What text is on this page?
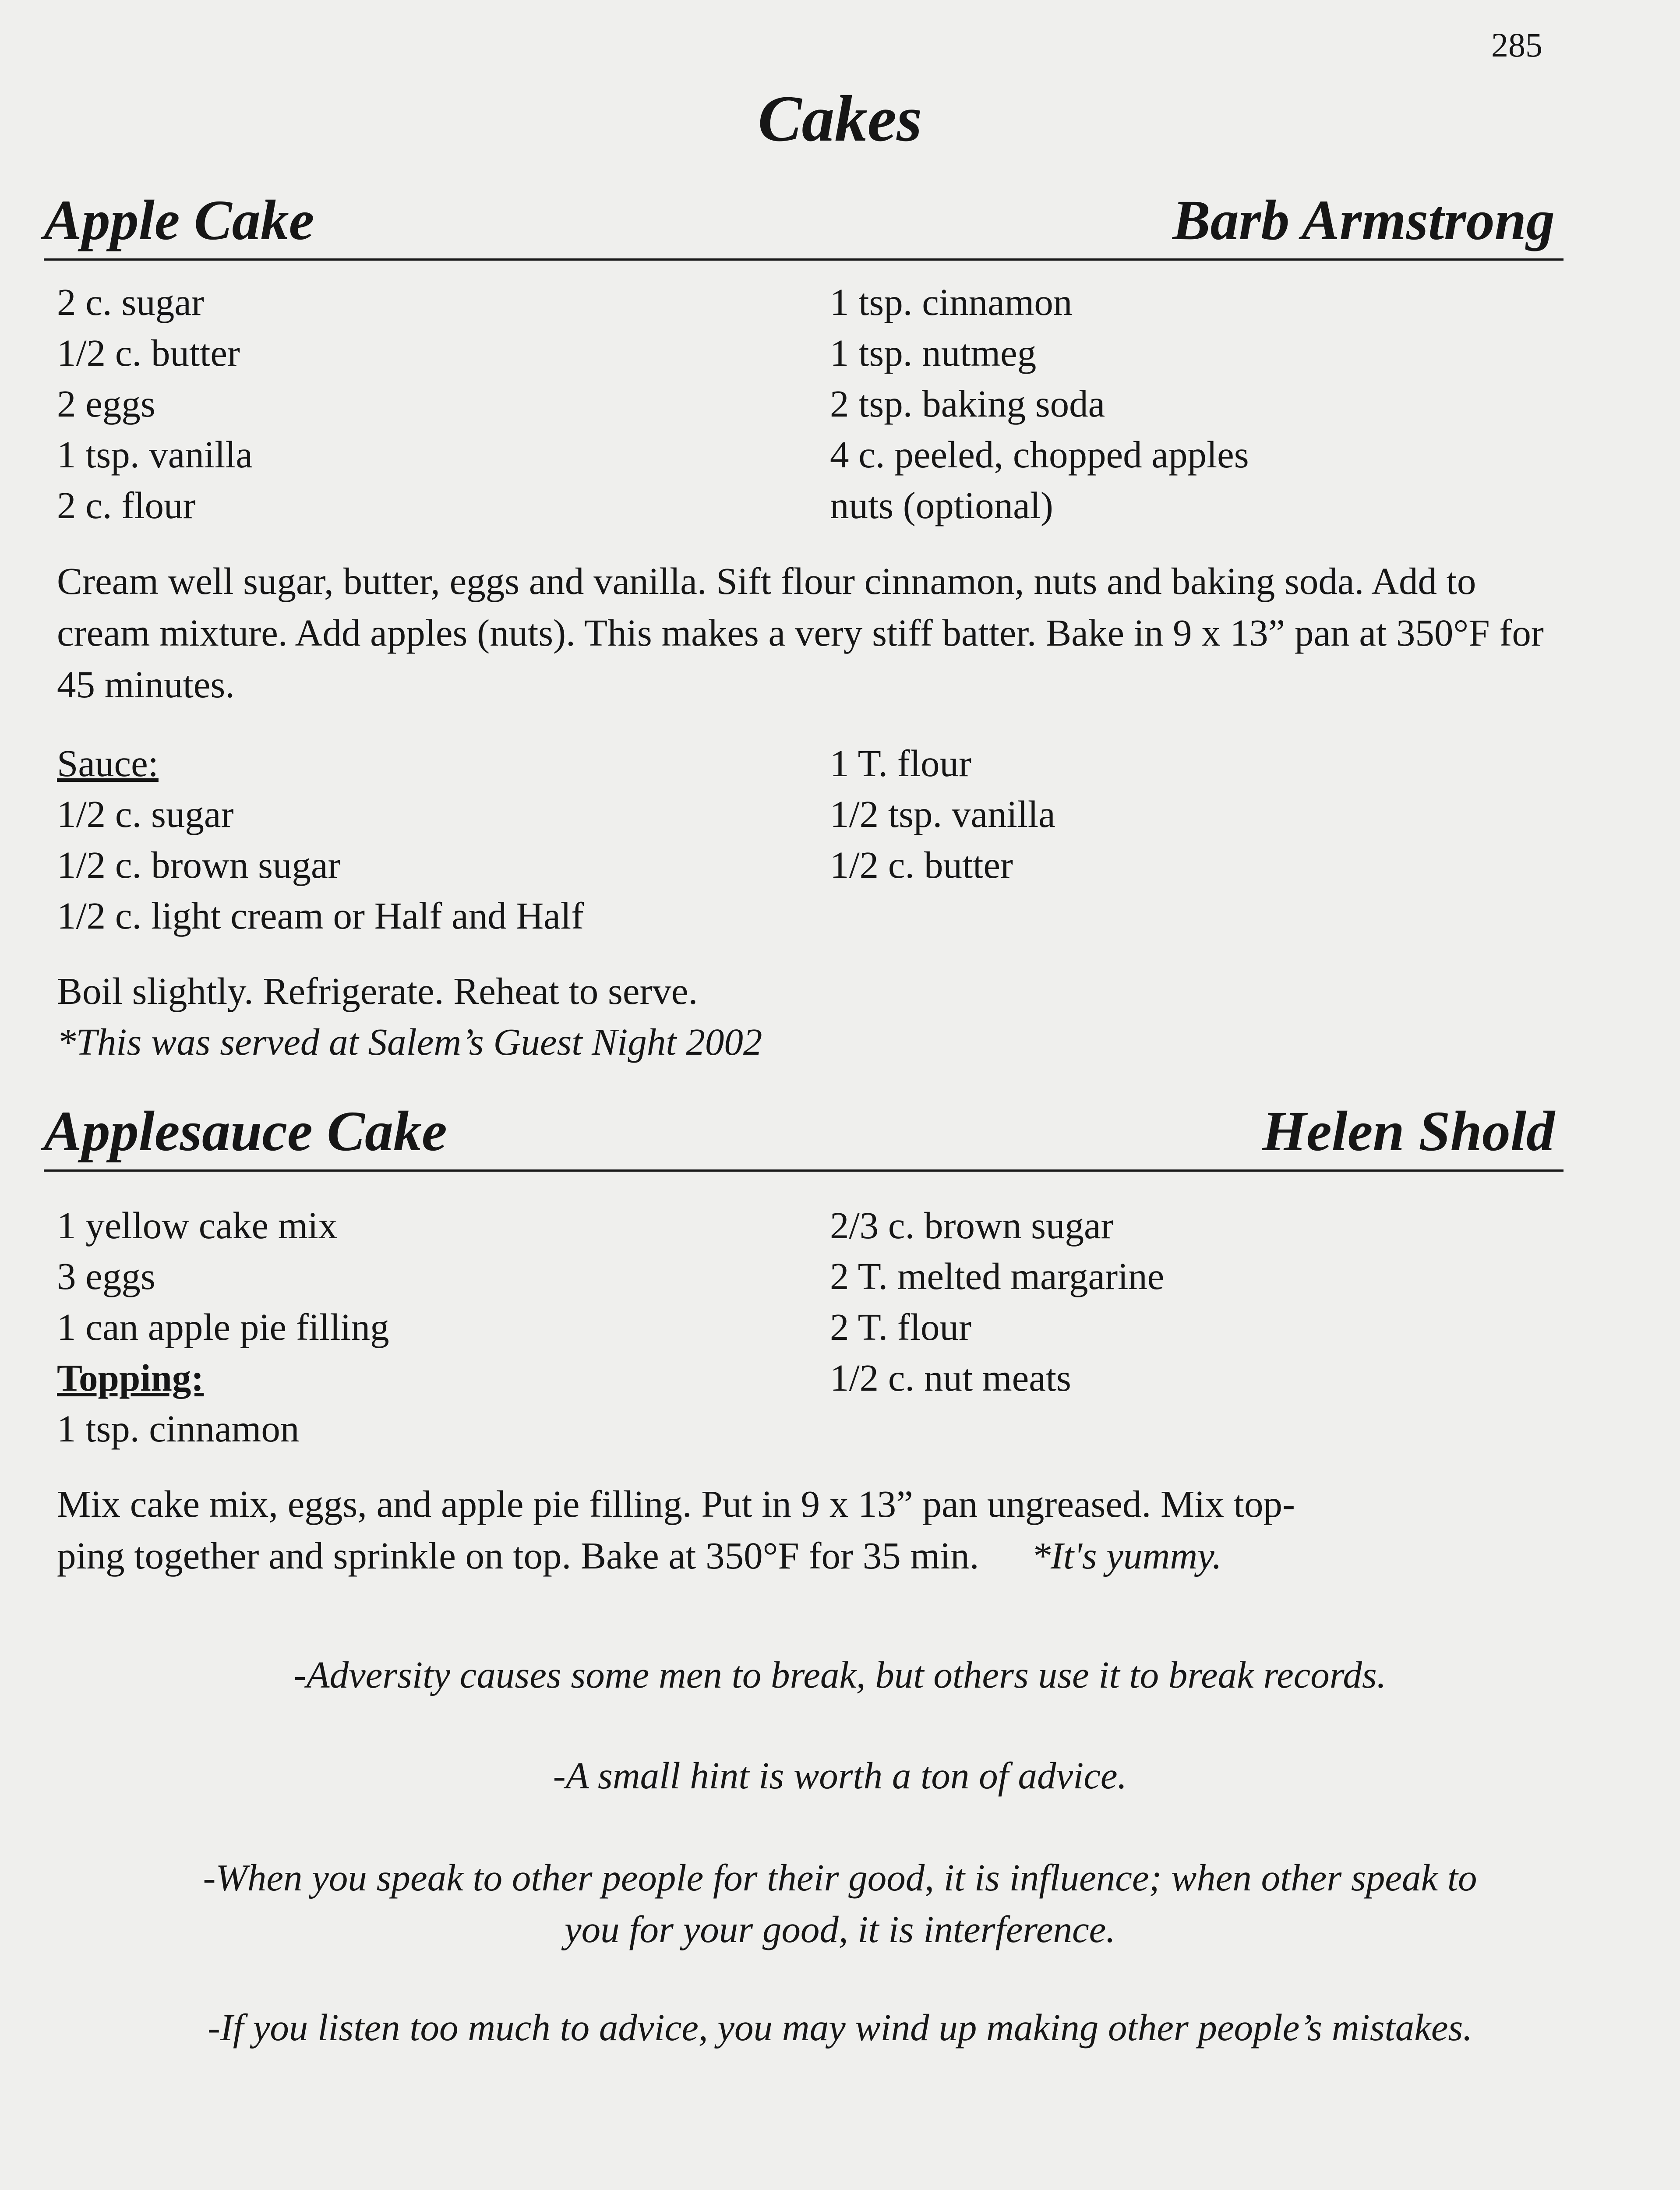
285
Cakes
Apple Cake	Barb Armstrong
2 c. sugar
1/2 c. butter
2 eggs
1 tsp. vanilla
2 c. flour
1 tsp. cinnamon
1 tsp. nutmeg
2 tsp. baking soda
4 c. peeled, chopped apples
nuts (optional)
Cream well sugar, butter, eggs and vanilla. Sift flour cinnamon, nuts and baking soda. Add to cream mixture. Add apples (nuts). This makes a very stiff batter. Bake in 9 x 13” pan at 350°F for 45 minutes.
Sauce:
1/2 c. sugar
1/2 c. brown sugar
1/2 c. light cream or Half and Half
1 T. flour
1/2 tsp. vanilla
1/2 c. butter
Boil slightly. Refrigerate. Reheat to serve.
*This was served at Salem’s Guest Night 2002
Applesauce Cake	Helen Shold
1 yellow cake mix
3 eggs
1 can apple pie filling
Topping:
1 tsp. cinnamon
2/3 c. brown sugar
2 T. melted margarine
2 T. flour
1/2 c. nut meats
Mix cake mix, eggs, and apple pie filling. Put in 9 x 13” pan ungreased. Mix top-
ping together and sprinkle on top. Bake at 350°F for 35 min. *It's yummy.
-Adversity causes some men to break, but others use it to break records.
-A small hint is worth a ton of advice.
-When you speak to other people for their good, it is influence; when other speak to
you for your good, it is interference.
-If you listen too much to advice, you may wind up making other people’s mistakes.
